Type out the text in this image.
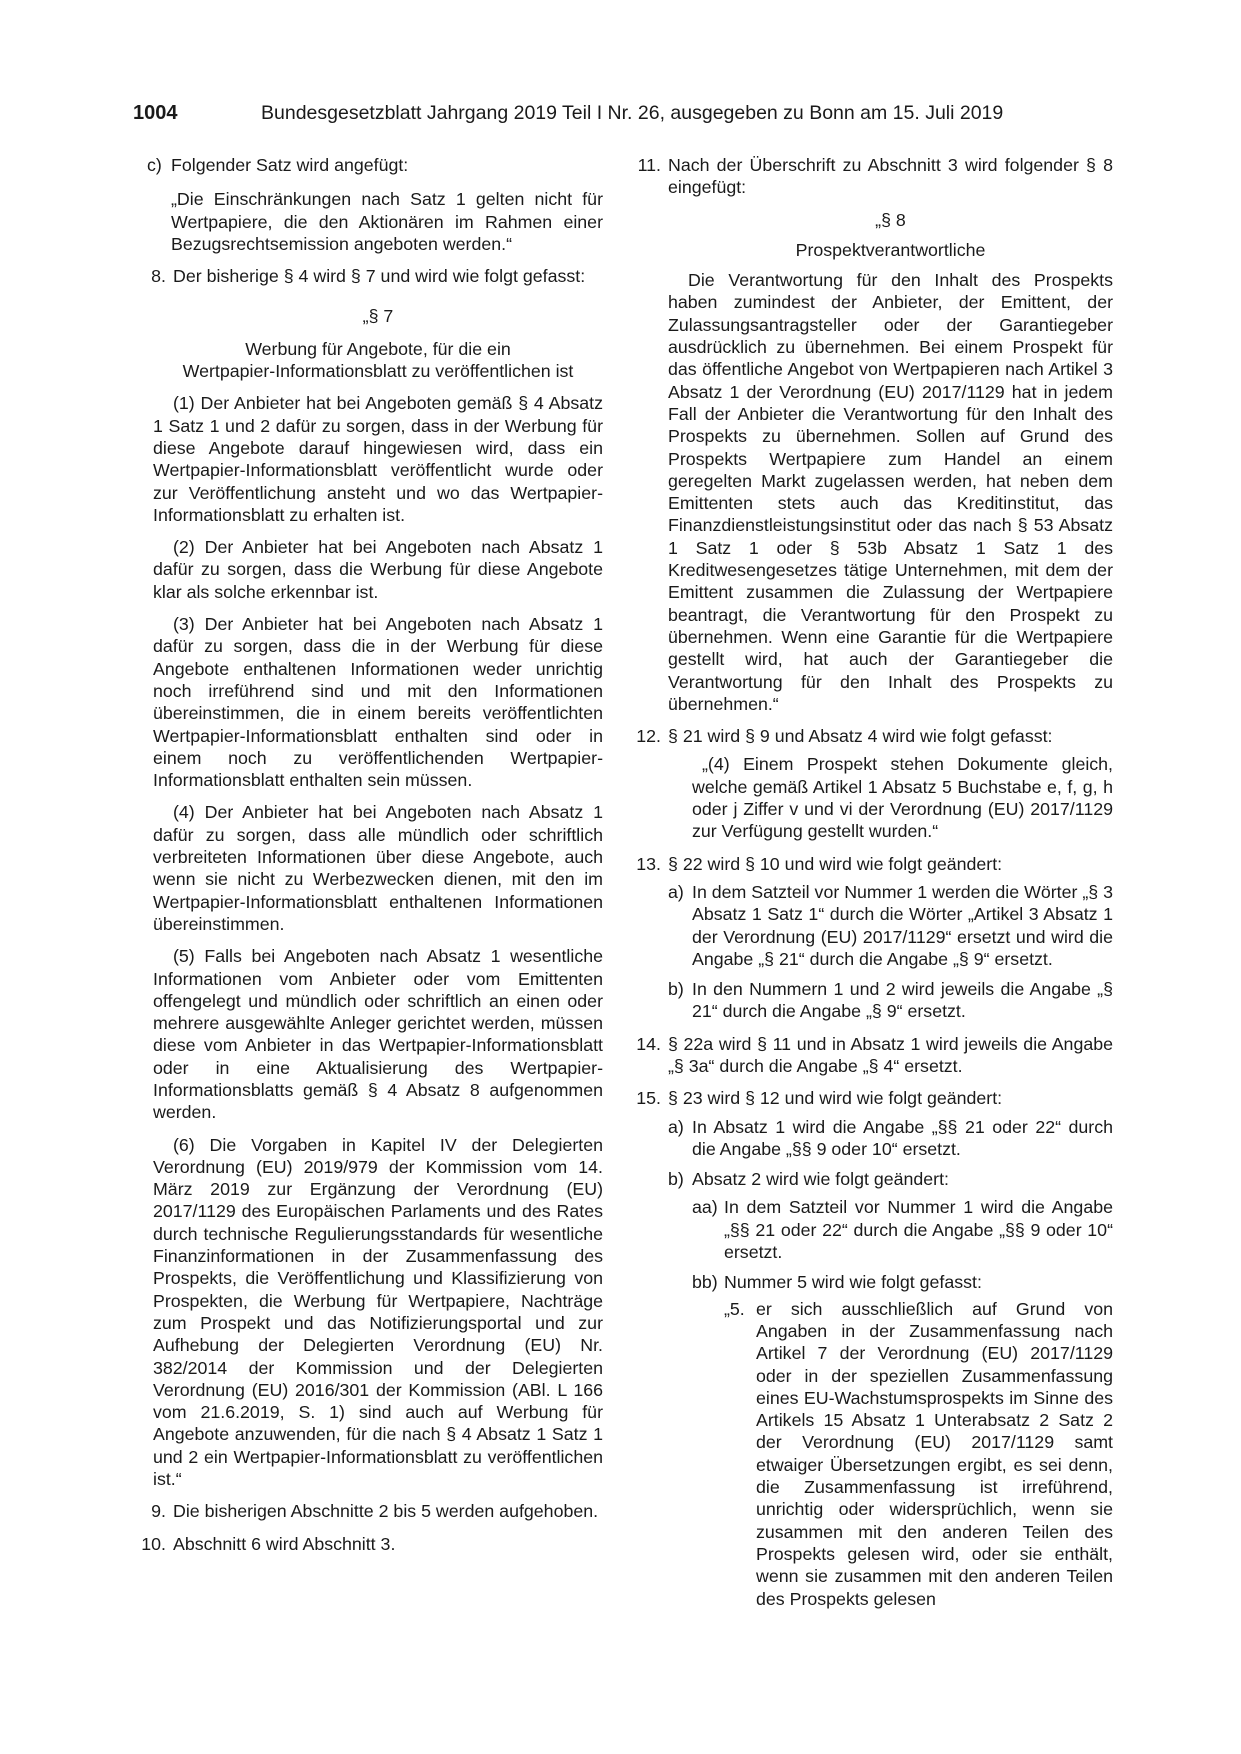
1004	Bundesgesetzblatt Jahrgang 2019 Teil I Nr. 26, ausgegeben zu Bonn am 15. Juli 2019
c) Folgender Satz wird angefügt:

„Die Einschränkungen nach Satz 1 gelten nicht für Wertpapiere, die den Aktionären im Rahmen einer Bezugsrechtsemission angeboten werden.“

8. Der bisherige § 4 wird § 7 und wird wie folgt gefasst:

„§ 7

Werbung für Angebote, für die ein

Wertpapier-Informationsblatt zu veröffentlichen ist

(1) Der Anbieter hat bei Angeboten gemäß § 4 Absatz 1 Satz 1 und 2 dafür zu sorgen, dass in der Werbung für diese Angebote darauf hingewiesen wird, dass ein Wertpapier-Informationsblatt veröffentlicht wurde oder zur Veröffentlichung ansteht und wo das Wertpapier-Informationsblatt zu erhalten ist.

(2) Der Anbieter hat bei Angeboten nach Absatz 1 dafür zu sorgen, dass die Werbung für diese Angebote klar als solche erkennbar ist.

(3) Der Anbieter hat bei Angeboten nach Absatz 1 dafür zu sorgen, dass die in der Werbung für diese Angebote enthaltenen Informationen weder unrichtig noch irreführend sind und mit den Informationen übereinstimmen, die in einem bereits veröffentlichten Wertpapier-Informationsblatt enthalten sind oder in einem noch zu veröffentlichenden Wertpapier-Informationsblatt enthalten sein müssen.

(4) Der Anbieter hat bei Angeboten nach Absatz 1 dafür zu sorgen, dass alle mündlich oder schriftlich verbreiteten Informationen über diese Angebote, auch wenn sie nicht zu Werbezwecken dienen, mit den im Wertpapier-Informationsblatt enthaltenen Informationen übereinstimmen.

(5) Falls bei Angeboten nach Absatz 1 wesentliche Informationen vom Anbieter oder vom Emittenten offengelegt und mündlich oder schriftlich an einen oder mehrere ausgewählte Anleger gerichtet werden, müssen diese vom Anbieter in das Wertpapier-Informationsblatt oder in eine Aktualisierung des Wertpapier-Informationsblatts gemäß § 4 Absatz 8 aufgenommen werden.

(6) Die Vorgaben in Kapitel IV der Delegierten Verordnung (EU) 2019/979 der Kommission vom 14. März 2019 zur Ergänzung der Verordnung (EU) 2017/1129 des Europäischen Parlaments und des Rates durch technische Regulierungsstandards für wesentliche Finanzinformationen in der Zusammenfassung des Prospekts, die Veröffentlichung und Klassifizierung von Prospekten, die Werbung für Wertpapiere, Nachträge zum Prospekt und das Notifizierungsportal und zur Aufhebung der Delegierten Verordnung (EU) Nr. 382/2014 der Kommission und der Delegierten Verordnung (EU) 2016/301 der Kommission (ABl. L 166 vom 21.6.2019, S. 1) sind auch auf Werbung für Angebote anzuwenden, für die nach § 4 Absatz 1 Satz 1 und 2 ein Wertpapier-Informationsblatt zu veröffentlichen ist.“

9. Die bisherigen Abschnitte 2 bis 5 werden aufgehoben.

10. Abschnitt 6 wird Abschnitt 3.

11. Nach der Überschrift zu Abschnitt 3 wird folgender § 8 eingefügt:

„§ 8

Prospektverantwortliche

Die Verantwortung für den Inhalt des Prospekts haben zumindest der Anbieter, der Emittent, der Zulassungsantragsteller oder der Garantiegeber ausdrücklich zu übernehmen. Bei einem Prospekt für das öffentliche Angebot von Wertpapieren nach Artikel 3 Absatz 1 der Verordnung (EU) 2017/1129 hat in jedem Fall der Anbieter die Verantwortung für den Inhalt des Prospekts zu übernehmen. Sollen auf Grund des Prospekts Wertpapiere zum Handel an einem geregelten Markt zugelassen werden, hat neben dem Emittenten stets auch das Kreditinstitut, das Finanzdienstleistungsinstitut oder das nach § 53 Absatz 1 Satz 1 oder § 53b Absatz 1 Satz 1 des Kreditwesengesetzes tätige Unternehmen, mit dem der Emittent zusammen die Zulassung der Wertpapiere beantragt, die Verantwortung für den Prospekt zu übernehmen. Wenn eine Garantie für die Wertpapiere gestellt wird, hat auch der Garantiegeber die Verantwortung für den Inhalt des Prospekts zu übernehmen.“

12. § 21 wird § 9 und Absatz 4 wird wie folgt gefasst:

„(4) Einem Prospekt stehen Dokumente gleich, welche gemäß Artikel 1 Absatz 5 Buchstabe e, f, g, h oder j Ziffer v und vi der Verordnung (EU) 2017/1129 zur Verfügung gestellt wurden.“

13. § 22 wird § 10 und wird wie folgt geändert:

a) In dem Satzteil vor Nummer 1 werden die Wörter „§ 3 Absatz 1 Satz 1“ durch die Wörter „Artikel 3 Absatz 1 der Verordnung (EU) 2017/1129“ ersetzt und wird die Angabe „§ 21“ durch die Angabe „§ 9“ ersetzt.

b) In den Nummern 1 und 2 wird jeweils die Angabe „§ 21“ durch die Angabe „§ 9“ ersetzt.

14. § 22a wird § 11 und in Absatz 1 wird jeweils die Angabe „§ 3a“ durch die Angabe „§ 4“ ersetzt.

15. § 23 wird § 12 und wird wie folgt geändert:

a) In Absatz 1 wird die Angabe „§§ 21 oder 22“ durch die Angabe „§§ 9 oder 10“ ersetzt.

b) Absatz 2 wird wie folgt geändert:

aa) In dem Satzteil vor Nummer 1 wird die Angabe „§§ 21 oder 22“ durch die Angabe „§§ 9 oder 10“ ersetzt.

bb) Nummer 5 wird wie folgt gefasst:

„5. er sich ausschließlich auf Grund von Angaben in der Zusammenfassung nach Artikel 7 der Verordnung (EU) 2017/1129 oder in der speziellen Zusammenfassung eines EU-Wachstumsprospekts im Sinne des Artikels 15 Absatz 1 Unterabsatz 2 Satz 2 der Verordnung (EU) 2017/1129 samt etwaiger Übersetzungen ergibt, es sei denn, die Zusammenfassung ist irreführend, unrichtig oder widersprüchlich, wenn sie zusammen mit den anderen Teilen des Prospekts gelesen wird, oder sie enthält, wenn sie zusammen mit den anderen Teilen des Prospekts gelesen
